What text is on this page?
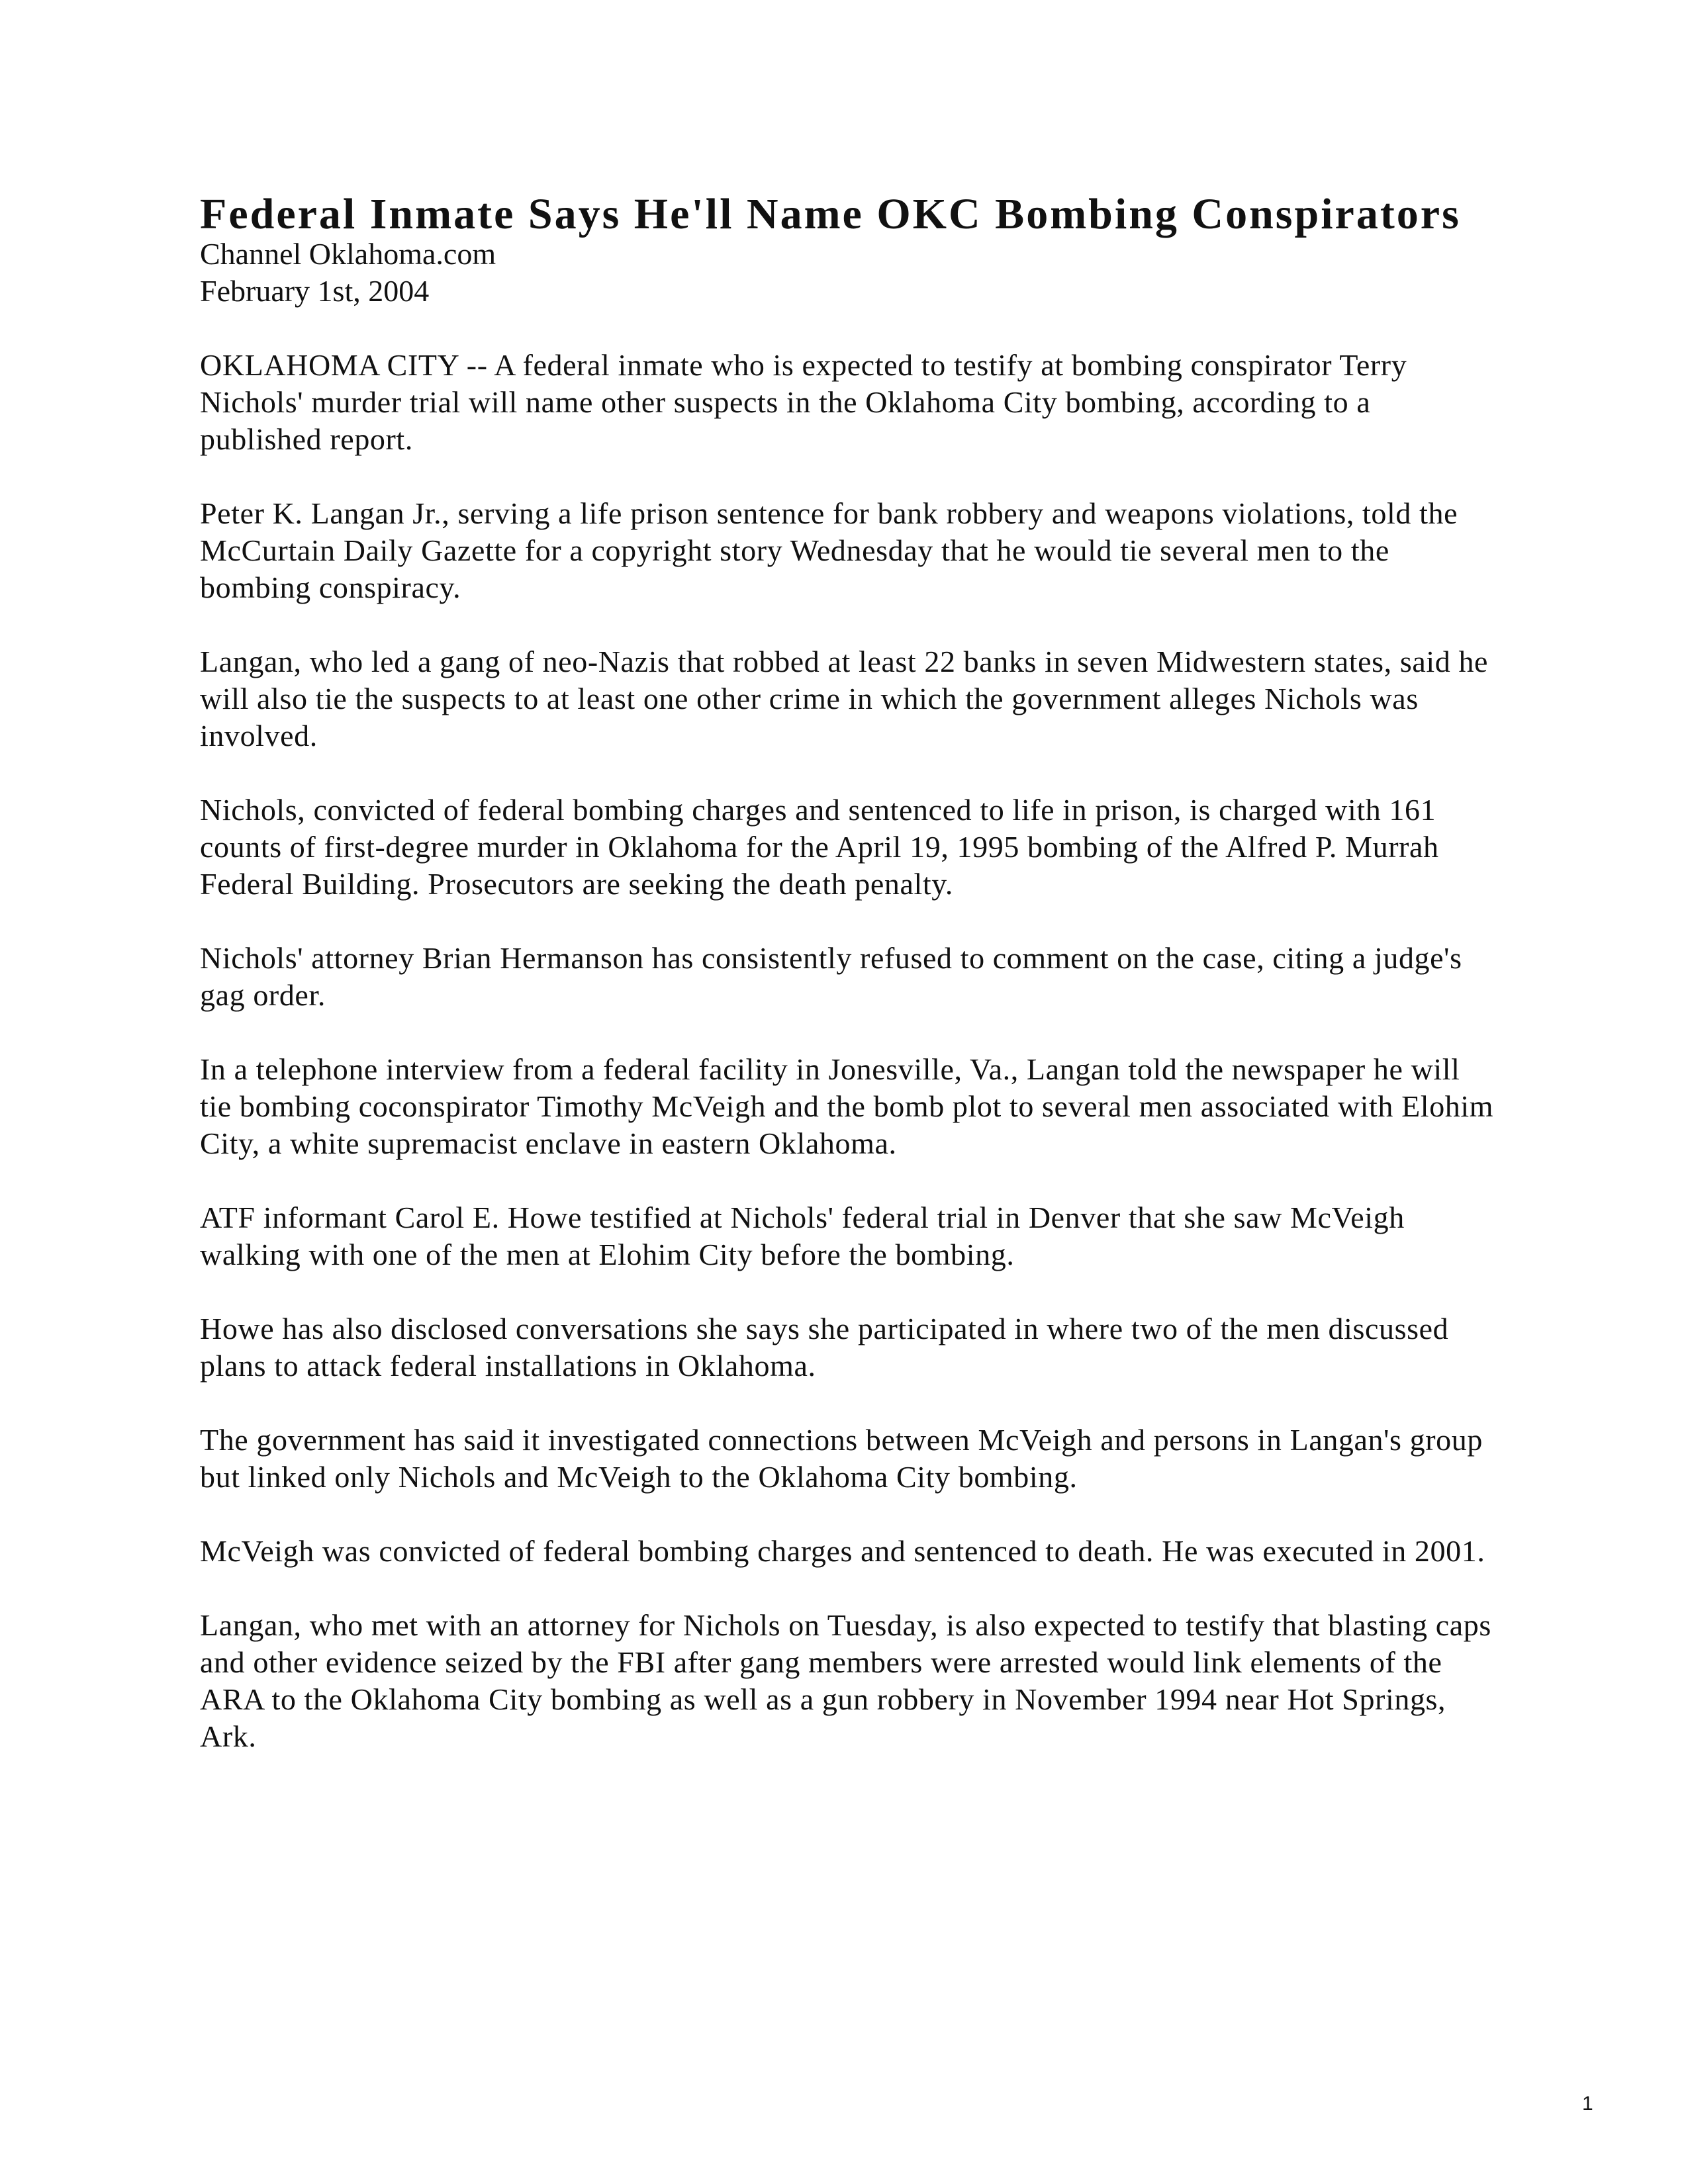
Federal Inmate Says He'll Name OKC Bombing Conspirators

Channel Oklahoma.com

February 1st, 2004

OKLAHOMA CITY -- A federal inmate who is expected to testify at bombing conspirator Terry Nichols' murder trial will name other suspects in the Oklahoma City bombing, according to a published report.

Peter K. Langan Jr., serving a life prison sentence for bank robbery and weapons violations, told the McCurtain Daily Gazette for a copyright story Wednesday that he would tie several men to the bombing conspiracy.

Langan, who led a gang of neo-Nazis that robbed at least 22 banks in seven Midwestern states, said he will also tie the suspects to at least one other crime in which the government alleges Nichols was involved.

Nichols, convicted of federal bombing charges and sentenced to life in prison, is charged with 161 counts of first-degree murder in Oklahoma for the April 19, 1995 bombing of the Alfred P. Murrah Federal Building. Prosecutors are seeking the death penalty.

Nichols' attorney Brian Hermanson has consistently refused to comment on the case, citing a judge's gag order.

In a telephone interview from a federal facility in Jonesville, Va., Langan told the newspaper he will tie bombing coconspirator Timothy McVeigh and the bomb plot to several men associated with Elohim City, a white supremacist enclave in eastern Oklahoma.

ATF informant Carol E. Howe testified at Nichols' federal trial in Denver that she saw McVeigh walking with one of the men at Elohim City before the bombing.

Howe has also disclosed conversations she says she participated in where two of the men discussed plans to attack federal installations in Oklahoma.

The government has said it investigated connections between McVeigh and persons in Langan's group but linked only Nichols and McVeigh to the Oklahoma City bombing.

McVeigh was convicted of federal bombing charges and sentenced to death. He was executed in 2001.

Langan, who met with an attorney for Nichols on Tuesday, is also expected to testify that blasting caps and other evidence seized by the FBI after gang members were arrested would link elements of the ARA to the Oklahoma City bombing as well as a gun robbery in November 1994 near Hot Springs, Ark.

1
